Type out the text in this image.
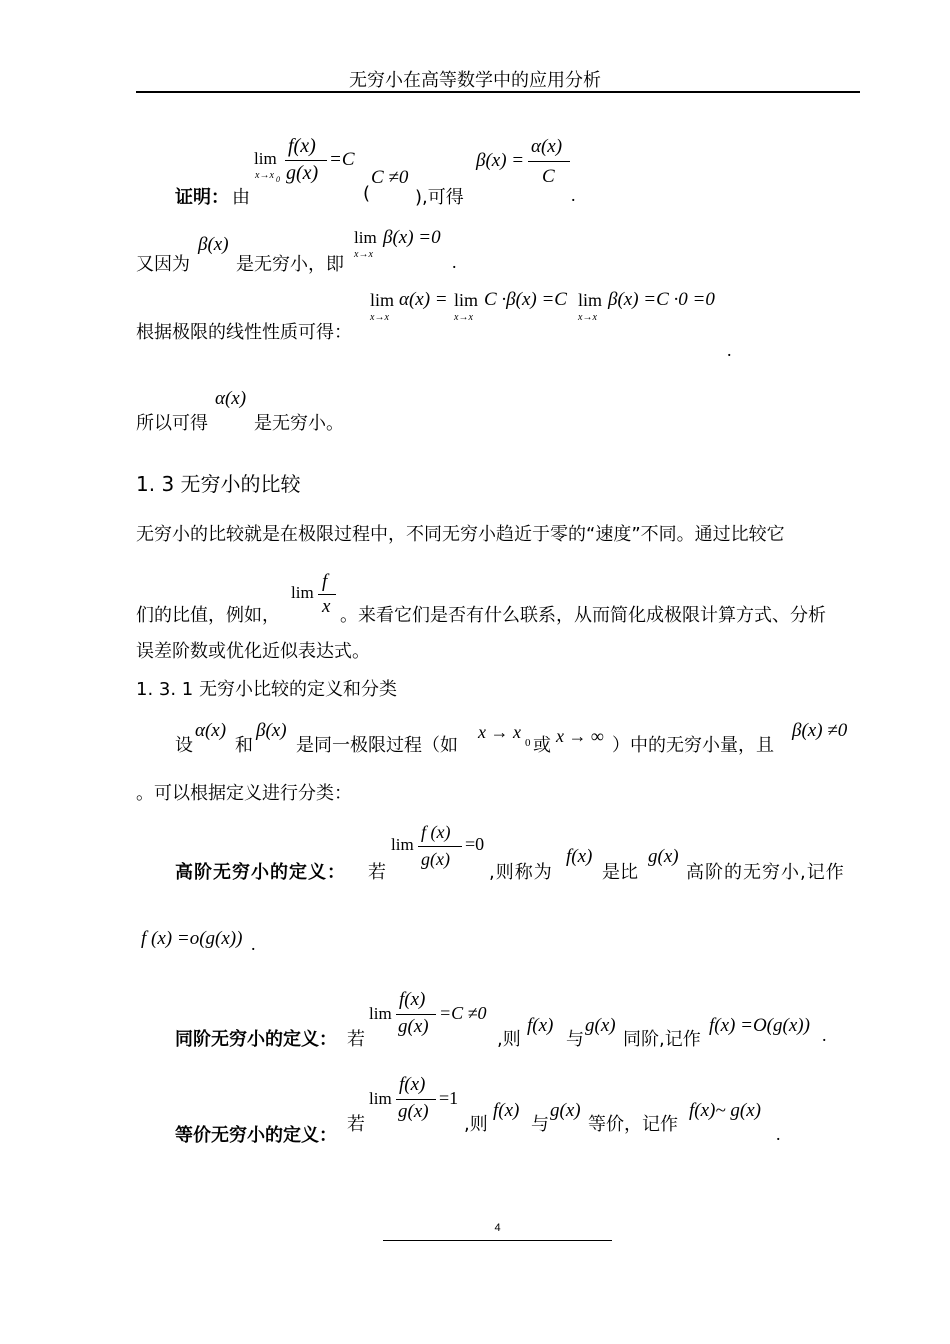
无穷小在高等数学中的应用分析
证明： 由
lim
x→x 0
f(x)
g(x)
=C
(
C ≠0
),可得
β(x) =
α(x)
C
.
又因为
β(x)
是无穷小，即
lim
x→x
β(x) =0
.
根据极限的线性性质可得：
lim
x→x
α(x) = lim
x→x
C ·β(x) =C lim
x→x
β(x) =C ·0 =0
.
所以可得
α(x)
是无穷小。
1. 3 无穷小的比较
无穷小的比较就是在极限过程中，不同无穷小趋近于零的“速度”不同。通过比较它
们的比值，例如，
lim
f
x 。来看它们是否有什么联系，从而简化成极限计算方式、分析
误差阶数或优化近似表达式。
1. 3. 1 无穷小比较的定义和分类
设
α(x)
和
β(x)
是同一极限过程（如
x → x
0 或 x → ∞ ）中的无穷小量，且
β(x) ≠0
。可以根据定义进行分类：
高阶无穷小的定义： 若
lim
f (x)
g(x)
=0
,则称为
f(x)
是比
g(x)
高阶的无穷小,记作
f (x) =o(g(x)) .
同阶无穷小的定义： 若
lim
f(x)
g(x)
=C ≠0
,则
f(x)
与
g(x)
同阶,记作
f(x) =O(g(x)) .
等价无穷小的定义：
若
lim
f(x)
g(x)
=1
,则
f(x)
与
g(x)
等价，记作
f(x)~ g(x)
.
4
